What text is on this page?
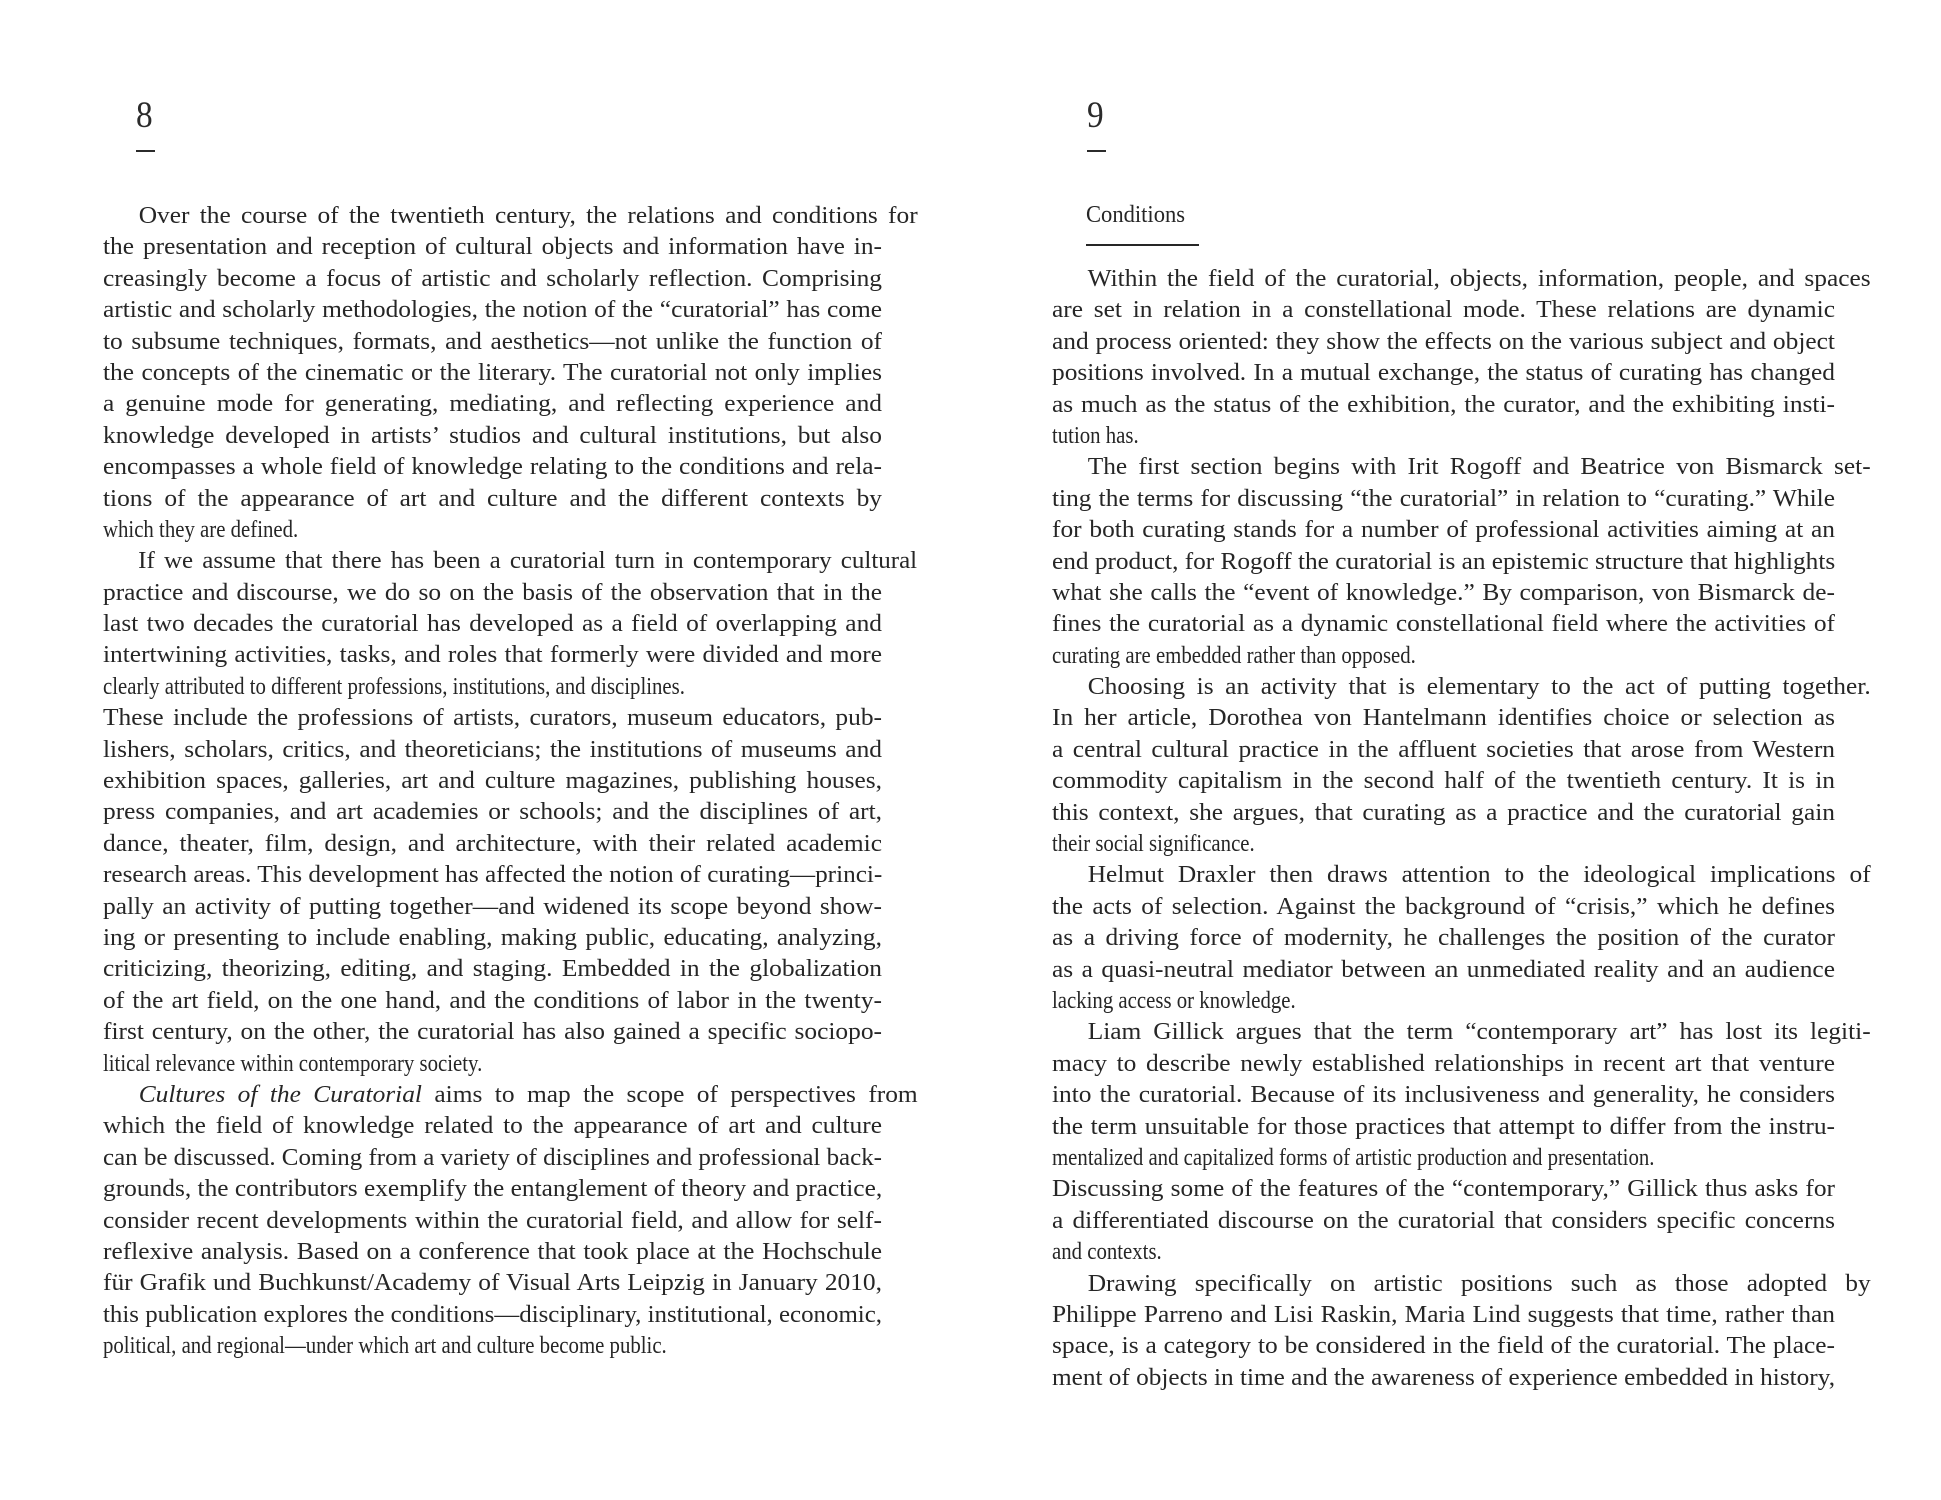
8
Over the course of the twentieth century, the relations and conditions for
the presentation and reception of cultural objects and information have in-
creasingly become a focus of artistic and scholarly reflection. Comprising
artistic and scholarly methodologies, the notion of the “curatorial” has come
to subsume techniques, formats, and aesthetics—not unlike the function of
the concepts of the cinematic or the literary. The curatorial not only implies
a genuine mode for generating, mediating, and reflecting experience and
knowledge developed in artists’ studios and cultural institutions, but also
encompasses a whole field of knowledge relating to the conditions and rela-
tions of the appearance of art and culture and the different contexts by
which they are defined.
If we assume that there has been a curatorial turn in contemporary cultural
practice and discourse, we do so on the basis of the observation that in the
last two decades the curatorial has developed as a field of overlapping and
intertwining activities, tasks, and roles that formerly were divided and more
clearly attributed to different professions, institutions, and disciplines.
These include the professions of artists, curators, museum educators, pub-
lishers, scholars, critics, and theoreticians; the institutions of museums and
exhibition spaces, galleries, art and culture magazines, publishing houses,
press companies, and art academies or schools; and the disciplines of art,
dance, theater, film, design, and architecture, with their related academic
research areas. This development has affected the notion of curating—princi-
pally an activity of putting together—and widened its scope beyond show-
ing or presenting to include enabling, making public, educating, analyzing,
criticizing, theorizing, editing, and staging. Embedded in the globalization
of the art field, on the one hand, and the conditions of labor in the twenty-
first century, on the other, the curatorial has also gained a specific sociopo-
litical relevance within contemporary society.
Cultures of the Curatorial aims to map the scope of perspectives from
which the field of knowledge related to the appearance of art and culture
can be discussed. Coming from a variety of disciplines and professional back-
grounds, the contributors exemplify the entanglement of theory and practice,
consider recent developments within the curatorial field, and allow for self-
reflexive analysis. Based on a conference that took place at the Hochschule
für Grafik und Buchkunst/Academy of Visual Arts Leipzig in January 2010,
this publication explores the conditions—disciplinary, institutional, economic,
political, and regional—under which art and culture become public.
9
Conditions
Within the field of the curatorial, objects, information, people, and spaces
are set in relation in a constellational mode. These relations are dynamic
and process oriented: they show the effects on the various subject and object
positions involved. In a mutual exchange, the status of curating has changed
as much as the status of the exhibition, the curator, and the exhibiting insti-
tution has.
The first section begins with Irit Rogoff and Beatrice von Bismarck set-
ting the terms for discussing “the curatorial” in relation to “curating.” While
for both curating stands for a number of professional activities aiming at an
end product, for Rogoff the curatorial is an epistemic structure that highlights
what she calls the “event of knowledge.” By comparison, von Bismarck de-
fines the curatorial as a dynamic constellational field where the activities of
curating are embedded rather than opposed.
Choosing is an activity that is elementary to the act of putting together.
In her article, Dorothea von Hantelmann identifies choice or selection as
a central cultural practice in the affluent societies that arose from Western
commodity capitalism in the second half of the twentieth century. It is in
this context, she argues, that curating as a practice and the curatorial gain
their social significance.
Helmut Draxler then draws attention to the ideological implications of
the acts of selection. Against the background of “crisis,” which he defines
as a driving force of modernity, he challenges the position of the curator
as a quasi-neutral mediator between an unmediated reality and an audience
lacking access or knowledge.
Liam Gillick argues that the term “contemporary art” has lost its legiti-
macy to describe newly established relationships in recent art that venture
into the curatorial. Because of its inclusiveness and generality, he considers
the term unsuitable for those practices that attempt to differ from the instru-
mentalized and capitalized forms of artistic production and presentation.
Discussing some of the features of the “contemporary,” Gillick thus asks for
a differentiated discourse on the curatorial that considers specific concerns
and contexts.
Drawing specifically on artistic positions such as those adopted by
Philippe Parreno and Lisi Raskin, Maria Lind suggests that time, rather than
space, is a category to be considered in the field of the curatorial. The place-
ment of objects in time and the awareness of experience embedded in history,
